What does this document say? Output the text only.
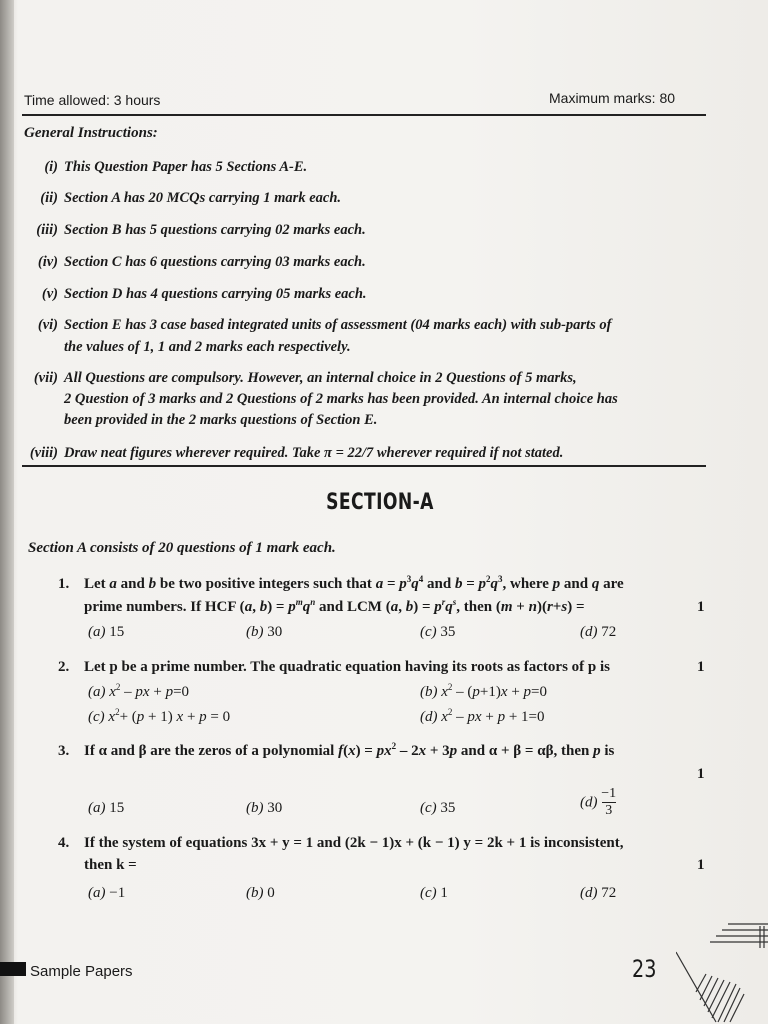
Time allowed: 3 hours	Maximum marks: 80
General Instructions:
(i) This Question Paper has 5 Sections A-E.
(ii) Section A has 20 MCQs carrying 1 mark each.
(iii) Section B has 5 questions carrying 02 marks each.
(iv) Section C has 6 questions carrying 03 marks each.
(v) Section D has 4 questions carrying 05 marks each.
(vi) Section E has 3 case based integrated units of assessment (04 marks each) with sub-parts of
the values of 1, 1 and 2 marks each respectively.
(vii) All Questions are compulsory. However, an internal choice in 2 Questions of 5 marks,
2 Question of 3 marks and 2 Questions of 2 marks has been provided. An internal choice has
been provided in the 2 marks questions of Section E.
(viii) Draw neat figures wherever required. Take π = 22/7 wherever required if not stated.
SECTION-A
Section A consists of 20 questions of 1 mark each.
1. Let a and b be two positive integers such that $a = p^3q^4$ and $b = p^2q^3$, where p and q are
prime numbers. If HCF (a, $b) = p^mq^n$ and LCM (a, $b) = p^rq^s$, then (m + n)(r+s) =	1
(a) 15	(b) 30	(c) 35	(d) 72
2. Let p be a prime number. The quadratic equation having its roots as factors of p is	1
(a) $x^2$ – px + p=0	(b) $x^2 - (p+1)x + p=0$
(c) $x^2+ (p + 1) x + p = 0$	(d) $x^2$ – px + p + 1=0
3. If α and β are the zeros of a polynomial $f(x) = px^2 - 2x + 3p$ and α + β = αβ, then p is
1
(a) 15	(b) 30	(c) 35	$(d) \frac{-1}{3}$
4. If the system of equations 3x + y = 1 and (2k − 1)x + (k − 1) y = 2k + 1 is inconsistent,
then k =	1
(a) −1	(b) 0	(c) 1	(d) 72
Sample Papers	23
